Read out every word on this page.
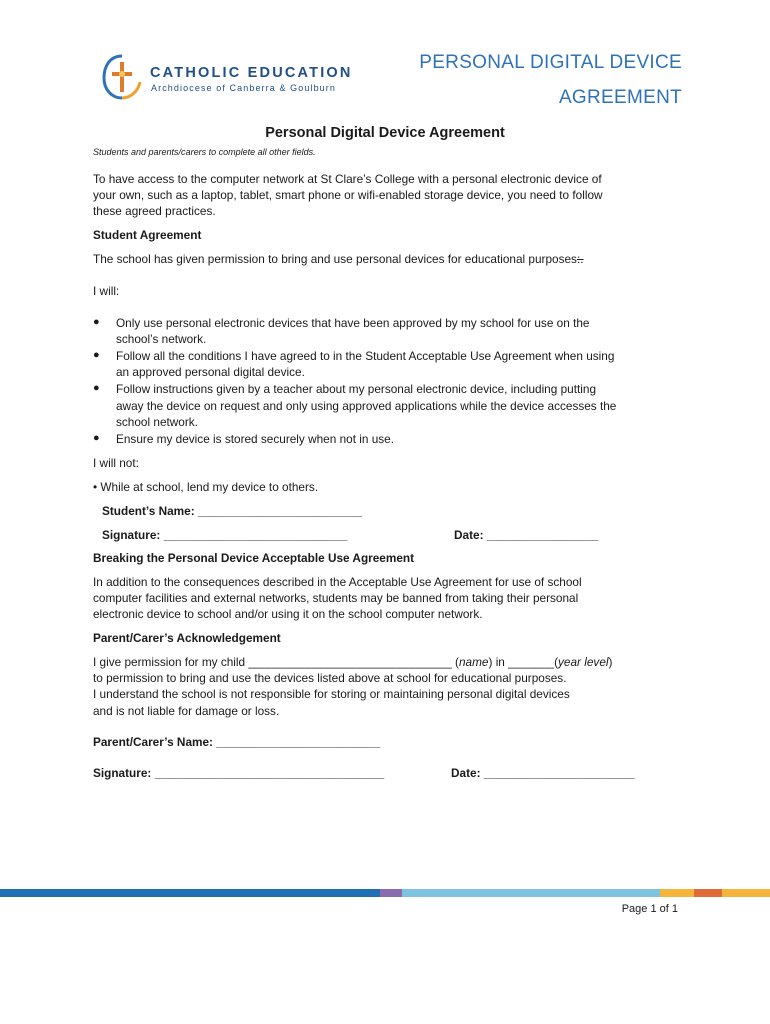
CATHOLIC EDUCATION
Archdiocese of Canberra & Goulburn
PERSONAL DIGITAL DEVICE
AGREEMENT
Personal Digital Device Agreement
Students and parents/carers to complete all other fields.
To have access to the computer network at St Clare’s College with a personal electronic device of
your own, such as a laptop, tablet, smart phone or wifi-enabled storage device, you need to follow
these agreed practices.
Student Agreement
The school has given permission to bring and use personal devices for educational purposes:.
I will:
● Only use personal electronic devices that have been approved by my school for use on the
school’s network.
● Follow all the conditions I have agreed to in the Student Acceptable Use Agreement when using
an approved personal digital device.
● Follow instructions given by a teacher about my personal electronic device, including putting
away the device on request and only using approved applications while the device accesses the
school network.
● Ensure my device is stored securely when not in use.
I will not:
• While at school, lend my device to others.
Student’s Name: _________________________
Signature: ____________________________	Date: _________________
Breaking the Personal Device Acceptable Use Agreement
In addition to the consequences described in the Acceptable Use Agreement for use of school
computer facilities and external networks, students may be banned from taking their personal
electronic device to school and/or using it on the school computer network.
Parent/Carer’s Acknowledgement
I give permission for my child _______________________________ (name) in _______(year level)
to permission to bring and use the devices listed above at school for educational purposes.
I understand the school is not responsible for storing or maintaining personal digital devices
and is not liable for damage or loss.
Parent/Carer’s Name: _________________________
Signature: ___________________________________	Date: _______________________
Page 1 of 1
